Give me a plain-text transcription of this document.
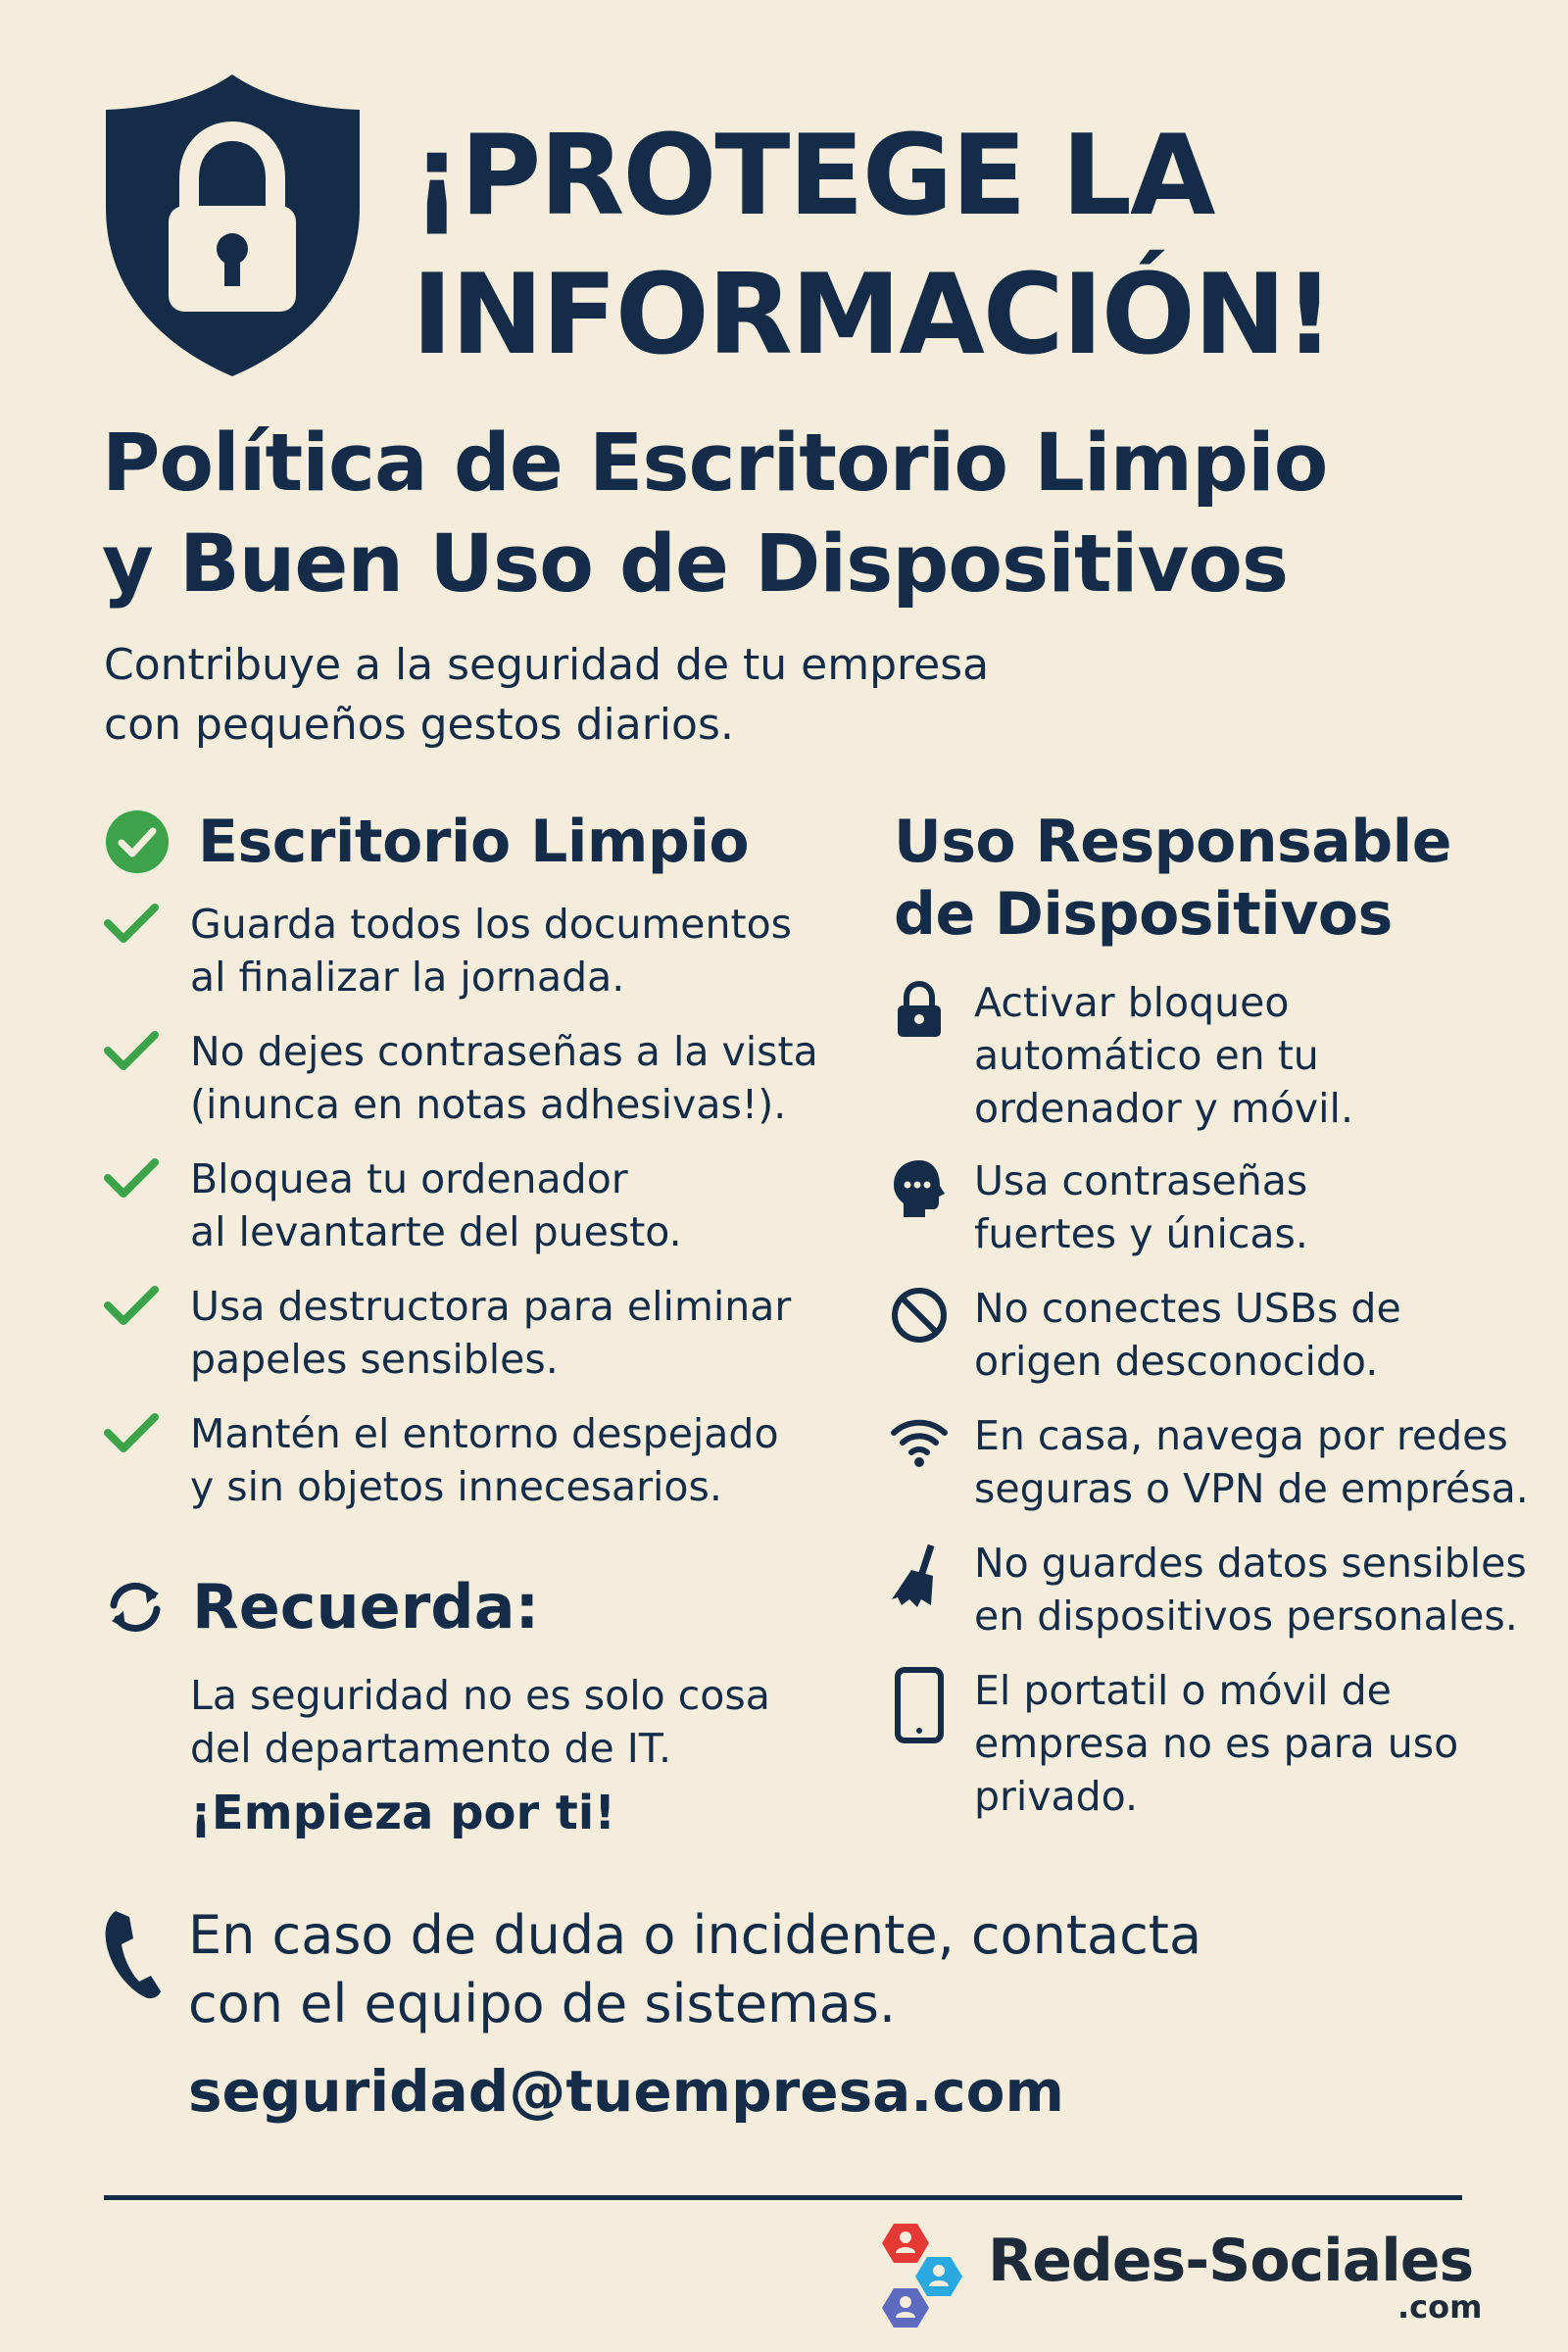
¡PROTEGE LA
INFORMACIÓN!
Política de Escritorio Limpio
y Buen Uso de Dispositivos
Contribuye a la seguridad de tu empresa
con pequeños gestos diarios.
Escritorio Limpio
Guarda todos los documentos
al finalizar la jornada.
No dejes contraseñas a la vista
(inunca en notas adhesivas!).
Bloquea tu ordenador
al levantarte del puesto.
Usa destructora para eliminar
papeles sensibles.
Mantén el entorno despejado
y sin objetos innecesarios.
Recuerda:
La seguridad no es solo cosa
del departamento de IT.
¡Empieza por ti!
Uso Responsable
de Dispositivos
Activar bloqueo
automático en tu
ordenador y móvil.
Usa contraseñas
fuertes y únicas.
No conectes USBs de
origen desconocido.
En casa, navega por redes
seguras o VPN de emprésa.
No guardes datos sensibles
en dispositivos personales.
El portatil o móvil de
empresa no es para uso
privado.
En caso de duda o incidente, contacta
con el equipo de sistemas.
seguridad@tuempresa.com
Redes-Sociales
.com
